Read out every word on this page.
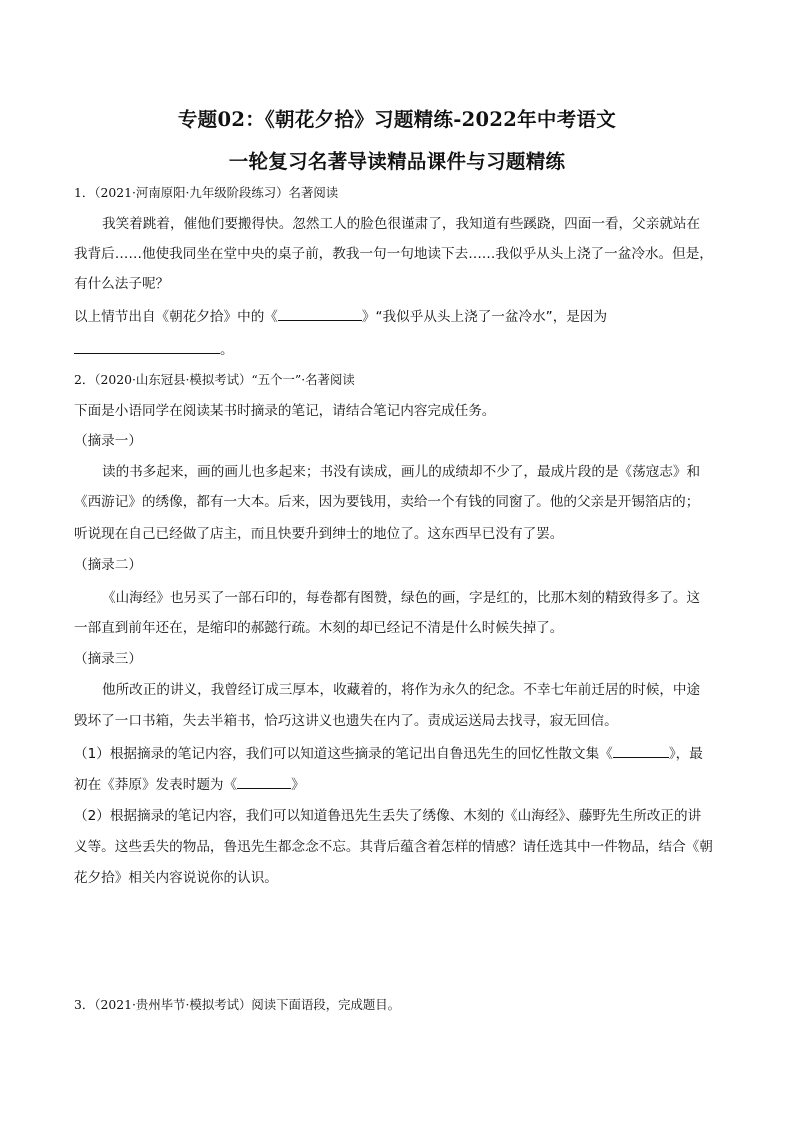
专题02：《朝花夕拾》习题精练-2022年中考语文
一轮复习名著导读精品课件与习题精练
1．（2021·河南原阳·九年级阶段练习）名著阅读
我笑着跳着，催他们要搬得快。忽然工人的脸色很谨肃了，我知道有些蹊跷，四面一看，父亲就站在
我背后……他使我同坐在堂中央的桌子前，教我一句一句地读下去……我似乎从头上浇了一盆冷水。但是，
有什么法子呢？
以上情节出自《朝花夕拾》中的《	》“我似乎从头上浇了一盆冷水”，是因为
。
2．（2020·山东冠县·模拟考试）“五个一”·名著阅读
下面是小语同学在阅读某书时摘录的笔记，请结合笔记内容完成任务。
（摘录一）
读的书多起来，画的画儿也多起来；书没有读成，画儿的成绩却不少了，最成片段的是《荡寇志》和
《西游记》的绣像，都有一大本。后来，因为要钱用，卖给一个有钱的同窗了。他的父亲是开锡箔店的；
听说现在自己已经做了店主，而且快要升到绅士的地位了。这东西早已没有了罢。
（摘录二）
《山海经》也另买了一部石印的，每卷都有图赞，绿色的画，字是红的，比那木刻的精致得多了。这
一部直到前年还在，是缩印的郝懿行疏。木刻的却已经记不清是什么时候失掉了。
（摘录三）
他所改正的讲义，我曾经订成三厚本，收藏着的，将作为永久的纪念。不幸七年前迁居的时候，中途
毁坏了一口书箱，失去半箱书，恰巧这讲义也遗失在内了。责成运送局去找寻，寂无回信。
（1）根据摘录的笔记内容，我们可以知道这些摘录的笔记出自鲁迅先生的回忆性散文集《	》，最
初在《莽原》发表时题为《	》
（2）根据摘录的笔记内容，我们可以知道鲁迅先生丢失了绣像、木刻的《山海经》、藤野先生所改正的讲
义等。这些丢失的物品，鲁迅先生都念念不忘。其背后蕴含着怎样的情感？请任选其中一件物品，结合《朝
花夕拾》相关内容说说你的认识。
3．（2021·贵州毕节·模拟考试）阅读下面语段，完成题目。
